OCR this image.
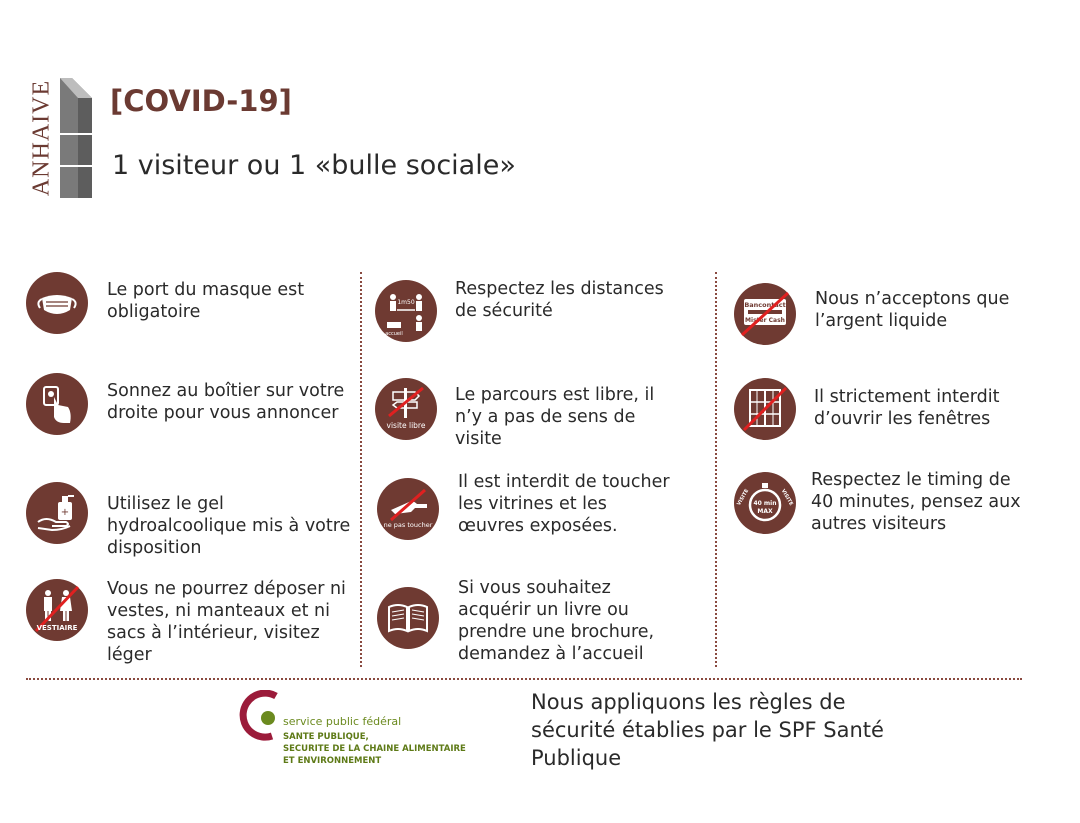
ANHAIVE [COVID-19]
1 visiteur ou 1 «bulle sociale»
Le port du masque est obligatoire
Sonnez au boîtier sur votre droite pour vous annoncer
+ Utilisez le gel hydroalcoolique mis à votre disposition
VESTIAIRE
Vous ne pourrez déposer ni vestes, ni manteaux et ni sacs à l’intérieur, visitez léger
1m50
accueil
Respectez les distances de sécurité
visite libre
Le parcours est libre, il n’y a pas de sens de visite
ne pas toucher
Il est interdit de toucher les vitrines et les œuvres exposées.
Si vous souhaitez acquérir un livre ou prendre une brochure, demandez à l’accueil
Bancontact
Mister Cash
Nous n’acceptons que l’argent liquide
Il strictement interdit d’ouvrir les fenêtres
40 min
MAX
VISITE	VISITE
Respectez le timing de 40 minutes, pensez aux autres visiteurs
service public fédéral
SANTE PUBLIQUE,
SECURITE DE LA CHAINE ALIMENTAIRE
ET ENVIRONNEMENT
Nous appliquons les règles de sécurité établies par le SPF Santé Publique
